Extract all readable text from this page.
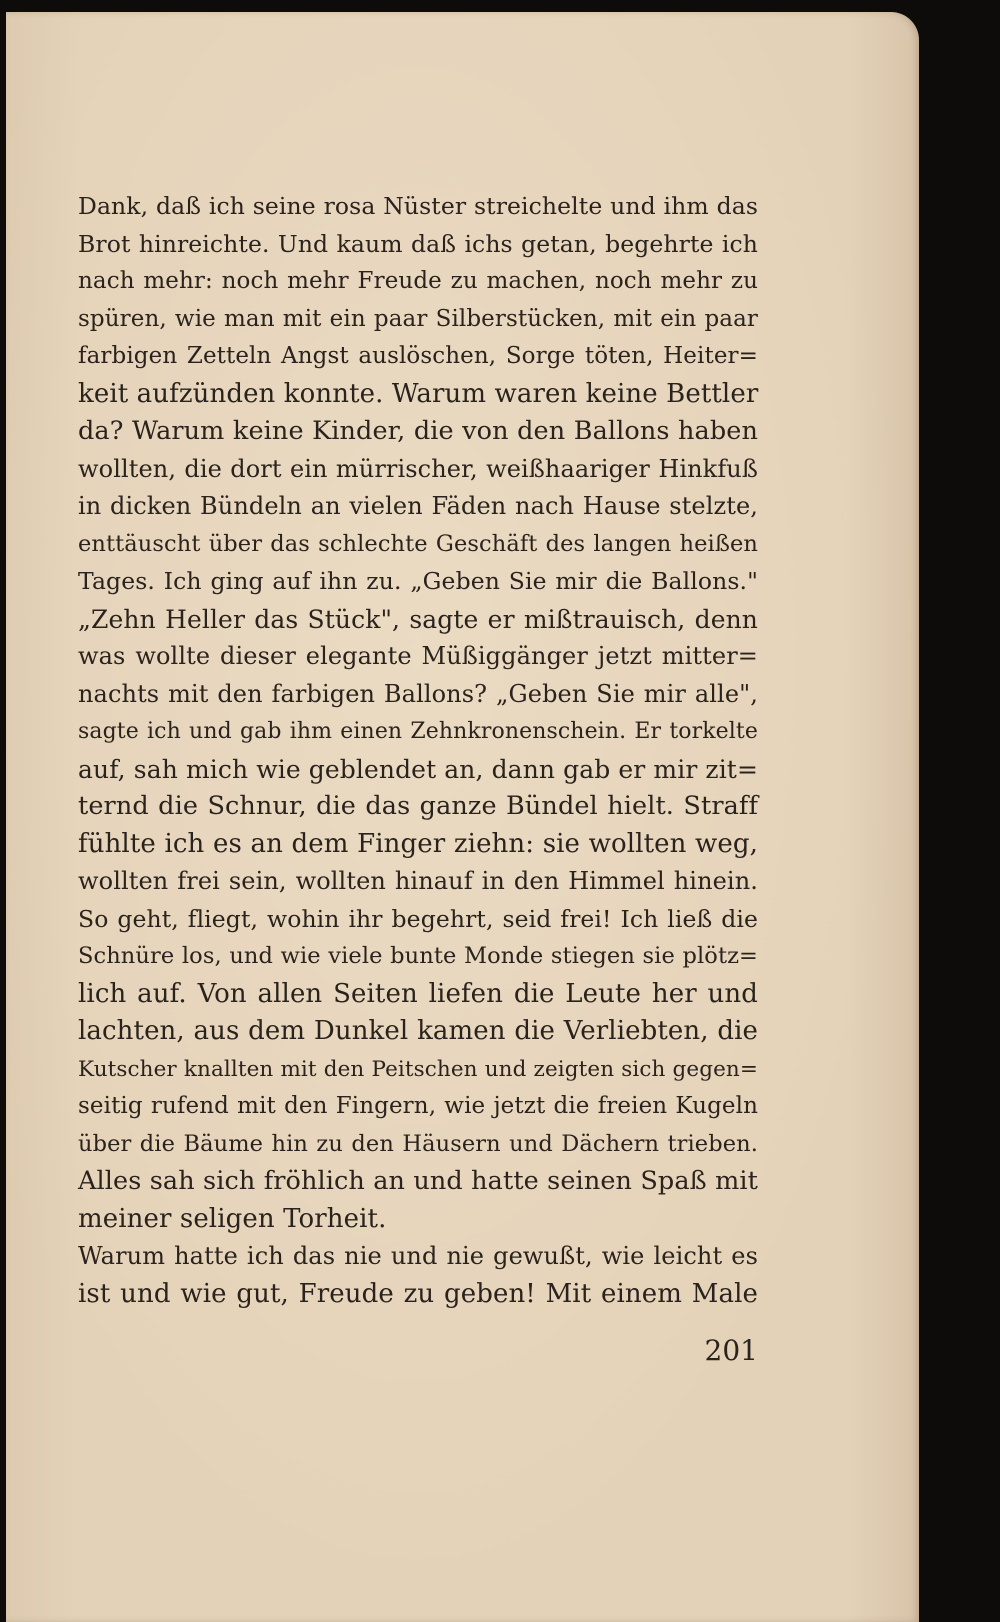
Dank, daß ich seine rosa Nüster streichelte und ihm das
Brot hinreichte. Und kaum daß ichs getan, begehrte ich
nach mehr: noch mehr Freude zu machen, noch mehr zu
spüren, wie man mit ein paar Silberstücken, mit ein paar
farbigen Zetteln Angst auslöschen, Sorge töten, Heiter=
keit aufzünden konnte. Warum waren keine Bettler
da? Warum keine Kinder, die von den Ballons haben
wollten, die dort ein mürrischer, weißhaariger Hinkfuß
in dicken Bündeln an vielen Fäden nach Hause stelzte,
enttäuscht über das schlechte Geschäft des langen heißen
Tages. Ich ging auf ihn zu. „Geben Sie mir die Ballons."
„Zehn Heller das Stück", sagte er mißtrauisch, denn
was wollte dieser elegante Müßiggänger jetzt mitter=
nachts mit den farbigen Ballons? „Geben Sie mir alle",
sagte ich und gab ihm einen Zehnkronenschein. Er torkelte
auf, sah mich wie geblendet an, dann gab er mir zit=
ternd die Schnur, die das ganze Bündel hielt. Straff
fühlte ich es an dem Finger ziehn: sie wollten weg,
wollten frei sein, wollten hinauf in den Himmel hinein.
So geht, fliegt, wohin ihr begehrt, seid frei! Ich ließ die
Schnüre los, und wie viele bunte Monde stiegen sie plötz=
lich auf. Von allen Seiten liefen die Leute her und
lachten, aus dem Dunkel kamen die Verliebten, die
Kutscher knallten mit den Peitschen und zeigten sich gegen=
seitig rufend mit den Fingern, wie jetzt die freien Kugeln
über die Bäume hin zu den Häusern und Dächern trieben.
Alles sah sich fröhlich an und hatte seinen Spaß mit
meiner seligen Torheit.
Warum hatte ich das nie und nie gewußt, wie leicht es
ist und wie gut, Freude zu geben! Mit einem Male
201
